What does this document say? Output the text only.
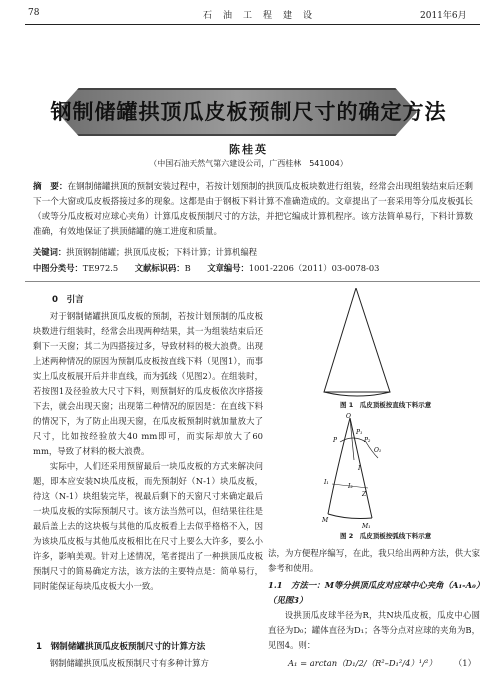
78	石　油　工　程　建　设	2011年6月
钢制储罐拱顶瓜皮板预制尺寸的确定方法
陈桂英
（中国石油天然气第六建设公司，广西桂林　541004）
摘　要：在钢制储罐拱顶的预制安装过程中，若按计划预制的拱顶瓜皮板块数进行组装，经常会出现组装结束后还剩下一个大窗或瓜皮板搭接过多的现象。这都是由于钢板下料计算不准确造成的。文章提出了一套采用等分瓜皮板弧长（或等分瓜皮板对应球心夹角）计算瓜皮板预制尺寸的方法，并把它编成计算机程序。该方法简单易行，下料计算数准确，有效地保证了拱顶储罐的施工进度和质量。
关键词：拱顶钢制储罐；拱顶瓜皮板；下料计算；计算机编程
中图分类号：TE972.5 文献标识码：B 文章编号：1001-2206（2011）03-0078-03
0　引言

对于钢制储罐拱顶瓜皮板的预制，若按计划预制的瓜皮板块数进行组装时，经常会出现两种结果，其一为组装结束后还剩下一天窗；其二为四搭接过多，导致材料的极大浪费。出现上述两种情况的原因为预制瓜皮板按直线下料（见图1），而事实上瓜皮板展开后并非直线，而为弧线（见图2）。在组装时，若按图1及径验放大尺寸下料，则预制好的瓜皮板依次序搭接下去，就会出现天窗；出现第二种情况的原因是：在直线下料的情况下，为了防止出现天窗，在瓜皮板预制时就加量放大了尺寸，比如按经验放大40 mm即可，而实际却放大了60 mm，导致了材料的极大浪费。

实际中，人们还采用预留最后一块瓜皮板的方式来解决问题，即本应安装N块瓜皮板，而先预制好（N-1）块瓜皮板，待这（N-1）块组装完毕，视最后剩下的天窗尺寸来确定最后一块瓜皮板的实际预制尺寸。该方法当然可以，但结果往往是最后盖上去的这块板与其他的瓜皮板看上去似乎格格不入，因为该块瓜皮板与其他瓜皮板相比在尺寸上要么大许多，要么小许多，影响美观。针对上述情况，笔者提出了一种拱顶瓜皮板预制尺寸的简易确定方法，该方法的主要特点是：简单易行，同时能保证每块瓜皮板大小一致。

1　钢制储罐拱顶瓜皮板预制尺寸的计算方法

钢制储罐拱顶瓜皮板预制尺寸有多种计算方

图 1　瓜皮顶板按直线下料示意
O
P
P₁
P₂
O₁
I
I₁
I₂
Z
M
M₁
图 2　瓜皮顶板按弧线下料示意
法，为方便程序编写，在此，我只给出两种方法，供大家参考和使用。
1.1　方法一：M等分拱顶瓜皮对应球中心夹角（A₁-A₀）（见图3）
设拱顶瓜皮球半径为R，共N块瓜皮板，瓜皮中心圆直径为D₀；罐体直径为D₁；各等分点对应球的夹角为B，见图4。则：
A₁ = arctan（D₁/2/（R²–D₁²/4）¹/²） （1）
